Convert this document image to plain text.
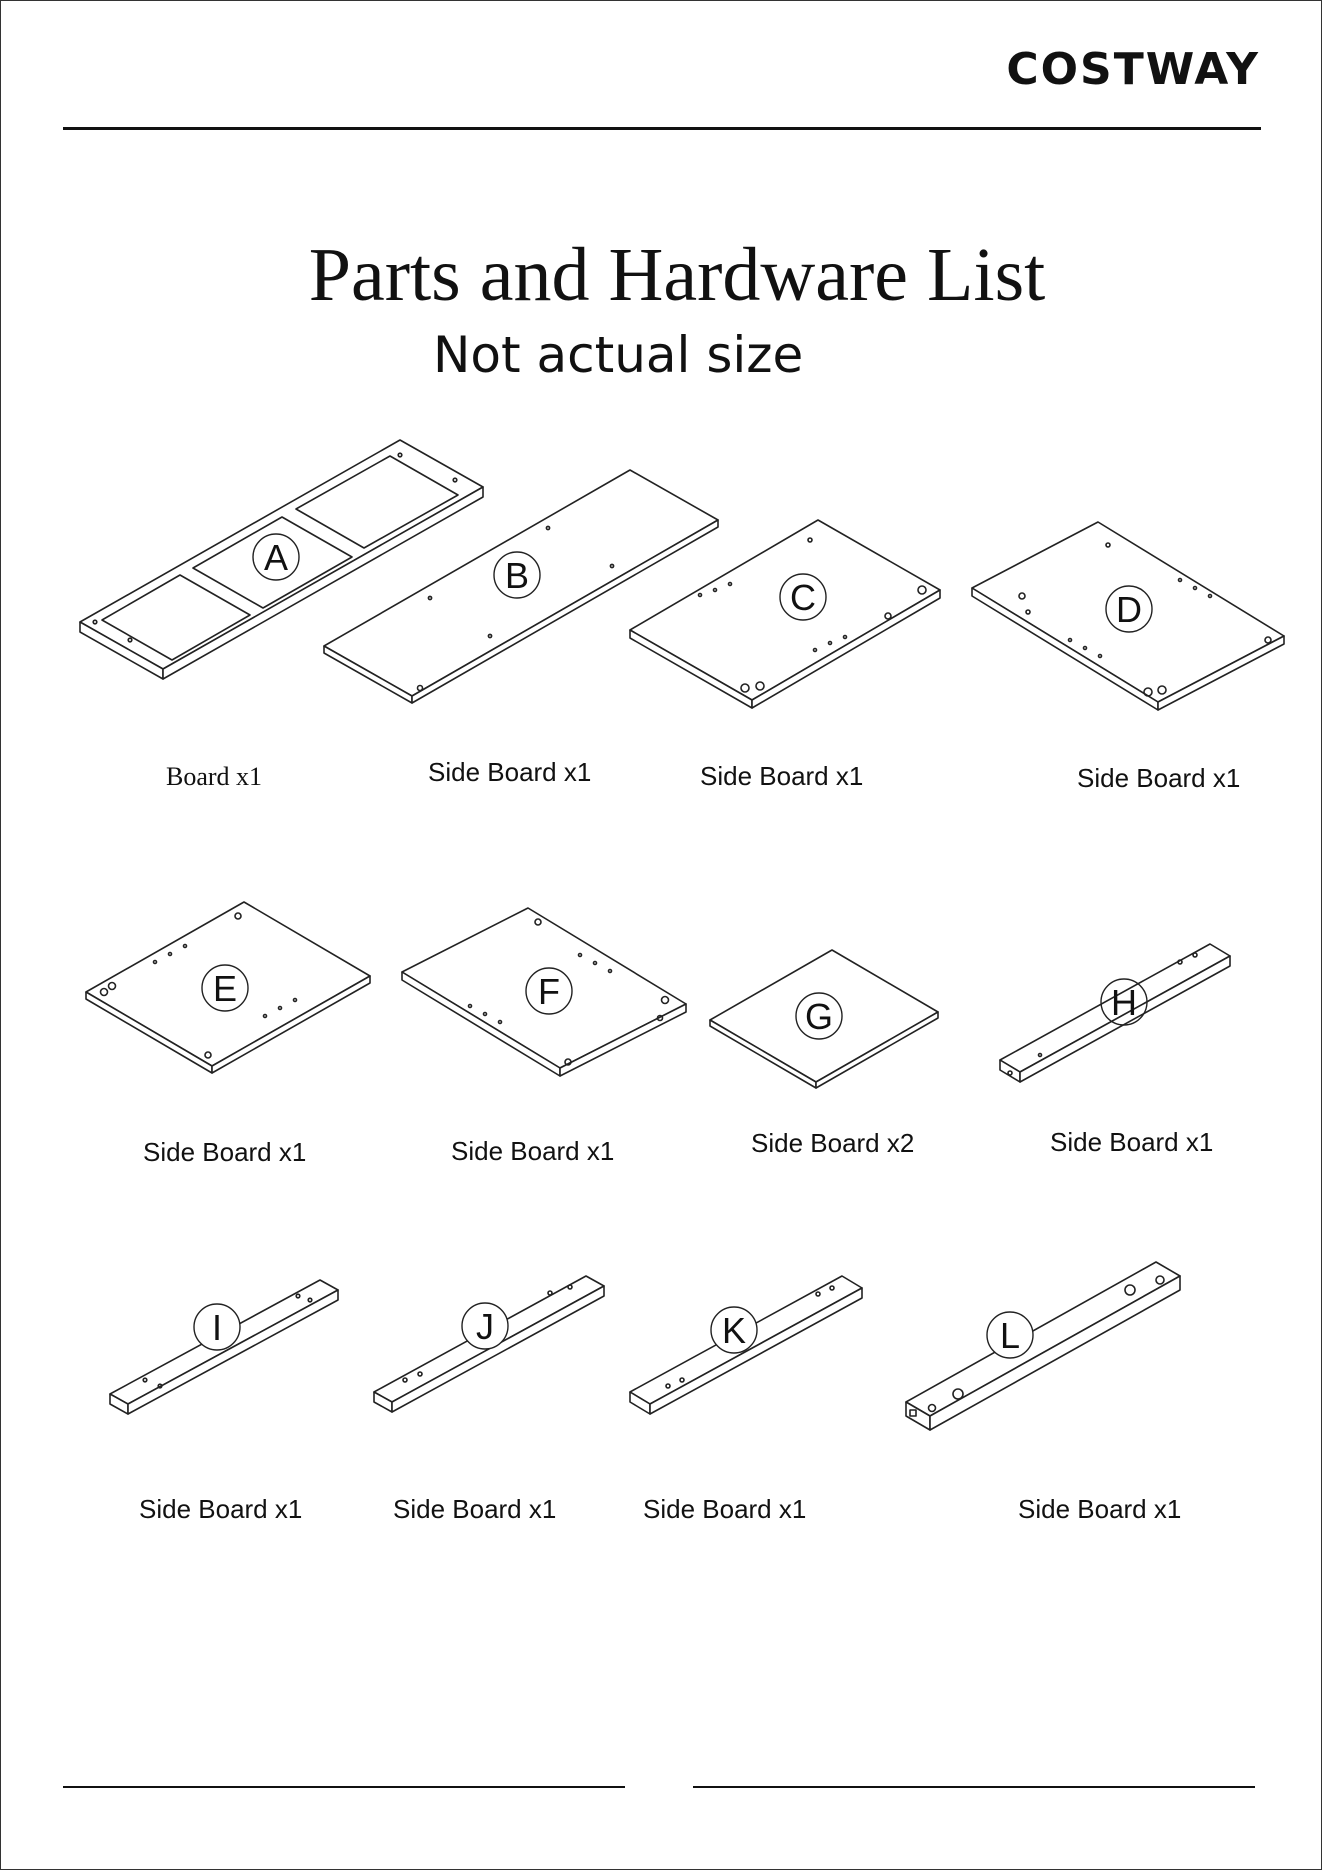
COSTWAY
Parts and Hardware List
Not actual size
A	B
C	D
E	F
G	H
I	J	K	L
Board x1	Side Board x1	Side Board x1	Side Board x1
Side Board x1	Side Board x1	Side Board x2	Side Board x1
Side Board x1	Side Board x1	Side Board x1	Side Board x1
